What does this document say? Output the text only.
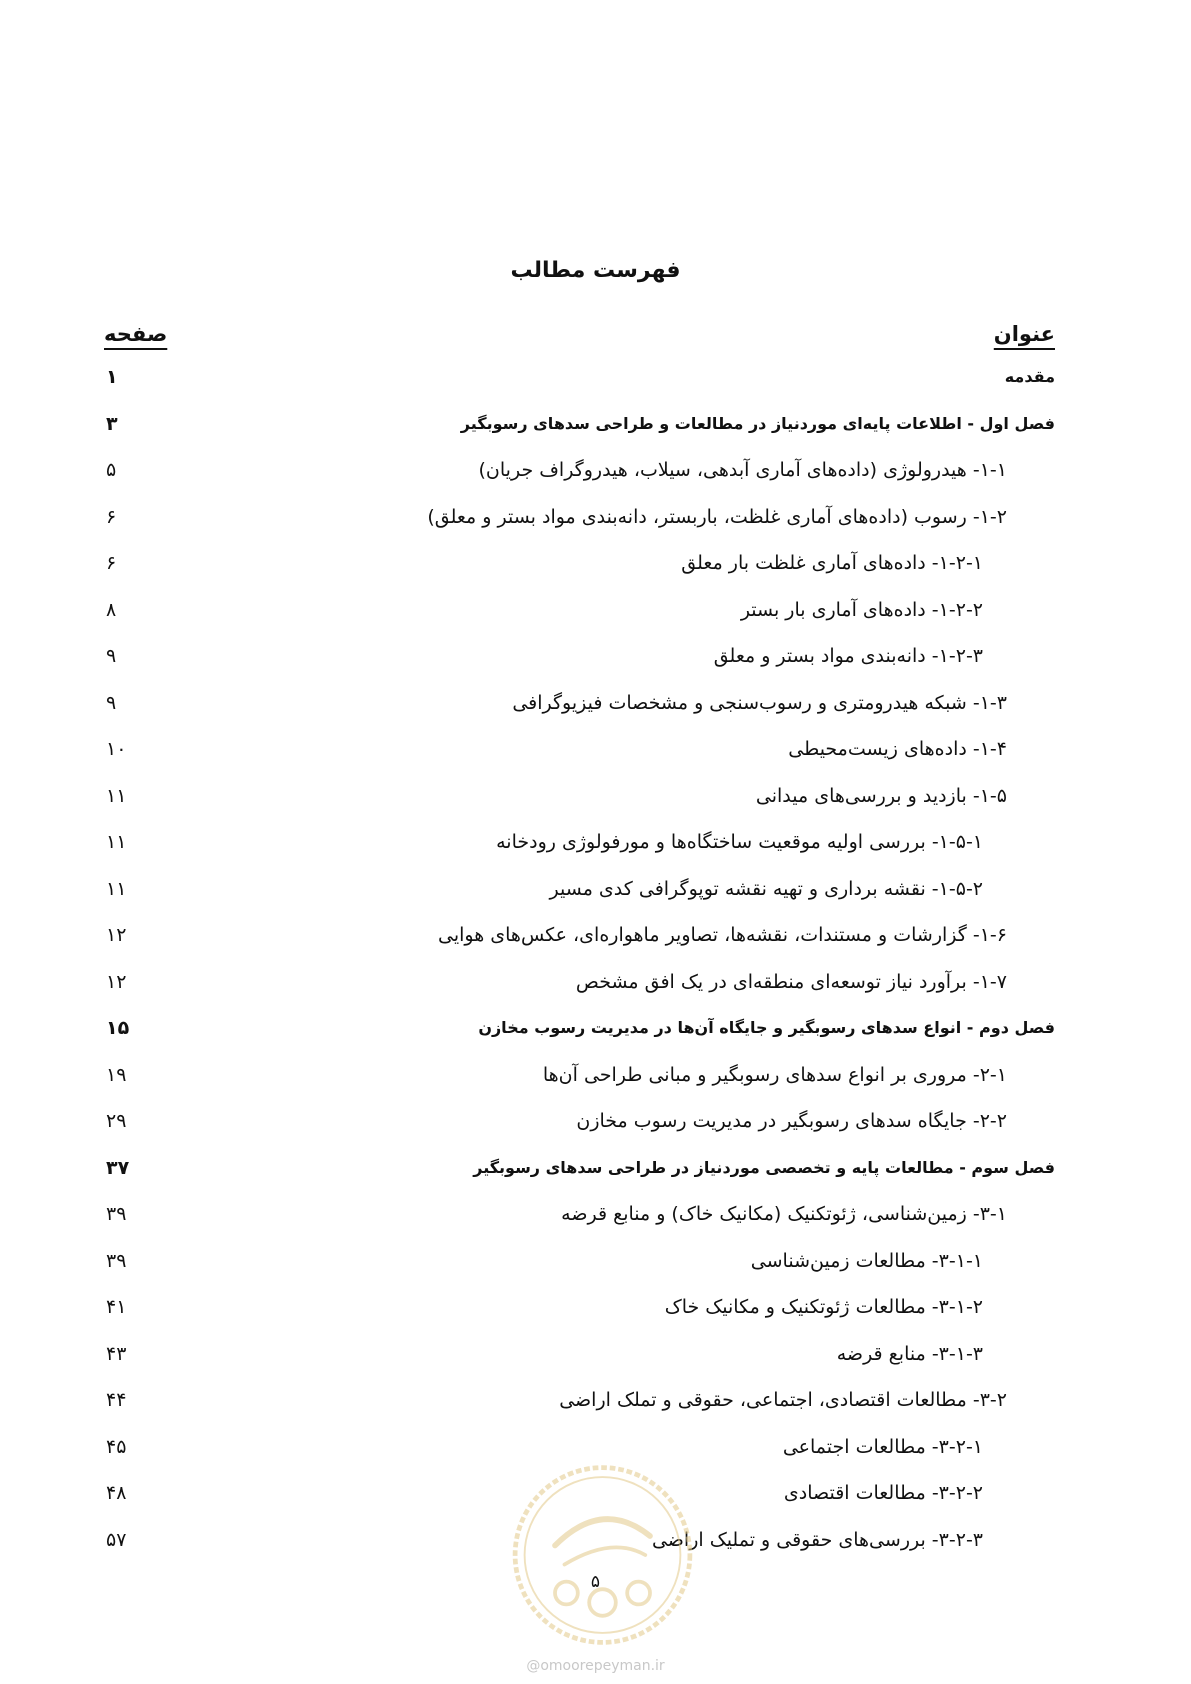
فهرست مطالب
عنوان
صفحه
مقدمه
۱
فصل اول - اطلاعات پایه‌ای موردنیاز در مطالعات و طراحی سدهای رسوبگیر
۳
۱-۱- هیدرولوژی (داده‌های آماری آبدهی، سیلاب، هیدروگراف جریان)
۵
۱-۲- رسوب (داده‌های آماری غلظت، باربستر، دانه‌بندی مواد بستر و معلق)
۶
۱-۲-۱- داده‌های آماری غلظت بار معلق
۶
۱-۲-۲- داده‌های آماری بار بستر
۸
۱-۲-۳- دانه‌بندی مواد بستر و معلق
۹
۱-۳- شبکه هیدرومتری و رسوب‌سنجی و مشخصات فیزیوگرافی
۹
۱-۴- داده‌های زیست‌محیطی
۱۰
۱-۵- بازدید و بررسی‌های میدانی
۱۱
۱-۵-۱- بررسی اولیه موقعیت ساختگاه‌ها و مورفولوژی رودخانه
۱۱
۱-۵-۲- نقشه برداری و تهیه نقشه توپوگرافی کدی مسیر
۱۱
۱-۶- گزارشات و مستندات، نقشه‌ها، تصاویر ماهواره‌ای، عکس‌های هوایی
۱۲
۱-۷- برآورد نیاز توسعه‌ای منطقه‌ای در یک افق مشخص
۱۲
فصل دوم - انواع سدهای رسوبگیر و جایگاه آن‌ها در مدیریت رسوب مخازن
۱۵
۲-۱- مروری بر انواع سدهای رسوبگیر و مبانی طراحی آن‌ها
۱۹
۲-۲- جایگاه سدهای رسوبگیر در مدیریت رسوب مخازن
۲۹
فصل سوم - مطالعات پایه و تخصصی موردنیاز در طراحی سدهای رسوبگیر
۳۷
۳-۱- زمین‌شناسی، ژئوتکنیک (مکانیک خاک) و منابع قرضه
۳۹
۳-۱-۱- مطالعات زمین‌شناسی
۳۹
۳-۱-۲- مطالعات ژئوتکنیک و مکانیک خاک
۴۱
۳-۱-۳- منابع قرضه
۴۳
۳-۲- مطالعات اقتصادی، اجتماعی، حقوقی و تملک اراضی
۴۴
۳-۲-۱- مطالعات اجتماعی
۴۵
۳-۲-۲- مطالعات اقتصادی
۴۸
۳-۲-۳- بررسی‌های حقوقی و تملیک اراضی
۵۷
۵
@omoorepeyman.ir
